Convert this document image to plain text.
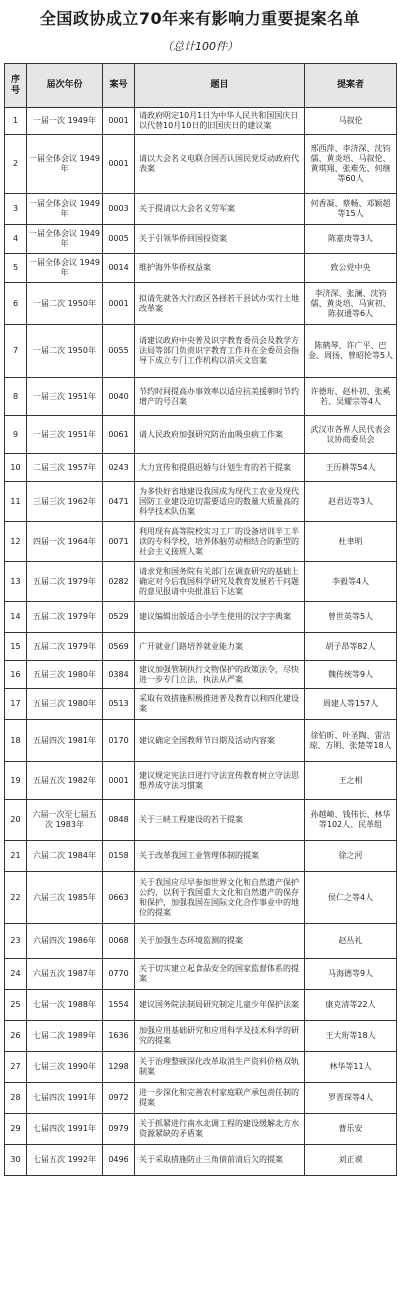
全国政协成立70年来有影响力重要提案名单
（总计100件）
序号	届次年份	案号	题目	提案者
1	一届一次 1949年	0001	请政府明定10月1日为中华人民共和国国庆日以代替10月10日的旧国庆日的建议案	马叙伦
2	一届全体会议 1949年	0001	请以大会名义电联合国否认国民党反动政府代表案	邢西萍、李济深、沈钧儒、黄炎培、马叙伦、黄琪翔、张难先、何继等60人
3	一届全体会议 1949年	0003	关于提请以大会名义劳军案	何香凝、蔡畅、邓颖超等15人
4	一届全体会议 1949年	0005	关于引领华侨回国投资案	陈嘉庚等3人
5	一届全体会议 1949年	0014	维护海外华侨权益案	致公党中央
6	一届二次 1950年	0001	拟请先就各大行政区各择若干县试办实行土地改革案	李济深、张澜、沈钧儒、黄炎培、马寅初、陈叔通等6人
7	一届二次 1950年	0055	请建议政府中央普及识字教育委员会及教学方法局等部门负责识字教育工作并在全委员会指导下成立专门工作机构以消灭文盲案	陈鹤琴、许广平、巴金、周扬、曾昭抡等5人
8	一届三次 1951年	0040	节约时间提高办事效率以适应抗美援朝时节约增产的号召案	许德珩、赵朴初、张奚若、吴耀宗等4人
9	一届三次 1951年	0061	请人民政府加强研究防治血吸虫病工作案	武汉市各界人民代表会议协商委员会
10	二届三次 1957年	0243	大力宣传和提倡迟婚与计划生育的若干提案	王历耕等54人
11	三届三次 1962年	0471	为多快好省地建设我国成为现代工农业及现代国防工业建设迫切需要适应的数量大质量高的科学技术队伍案	赵君迈等3人
12	四届一次 1964年	0071	利用现有高等院校实习工厂的设备培训半工半读的专科学校，培养体脑劳动相结合的新型的社会主义接班人案	杜聿明
13	五届二次 1979年	0282	请求党和国务院有关部门在调查研究的基础上确定对今后我国科学研究及教育发展若干问题的意见报请中央批准后下达案	李毅等4人
14	五届二次 1979年	0529	建议编辑出版适合小学生使用的汉字字典案	曾世英等5人
15	五届二次 1979年	0569	广开就业门路培养就业能力案	胡子昂等82人
16	五届三次 1980年	0384	建议加强管制执行文物保护的政策法令，尽快进一步专门立法，执法从严案	魏传统等9人
17	五届三次 1980年	0513	采取有效措施积极推进普及教育以利四化建设案	周建人等157人
18	五届四次 1981年	0170	建议确定全国教师节日期及活动内容案	徐伯昕、叶圣陶、雷洁琼、方明、张楚等18人
19	五届五次 1982年	0001	建议规定宪法日进行守法宣传教育树立守法思想养成守法习惯案	王之相
20	六届一次至七届五次 1983年	0848	关于三峡工程建设的若干提案	孙越崎、钱伟长、林华等102人、民革组
21	六届二次 1984年	0158	关于改革我国工业管理体制的提案	徐之河
22	六届三次 1985年	0663	关于我国应尽早参加世界文化和自然遗产保护公约，以利于我国重大文化和自然遗产的保存和保护，加强我国在国际文化合作事业中的地位的提案	侯仁之等4人
23	六届四次 1986年	0068	关于加强生态环境监测的提案	赵丛礼
24	六届五次 1987年	0770	关于切实建立起食品安全的国家监督体系的提案	马海德等9人
25	七届一次 1988年	1554	建议国务院法制局研究制定儿童少年保护法案	康克清等22人
26	七届二次 1989年	1636	加强应用基础研究和应用科学及技术科学的研究的提案	王大珩等18人
27	七届三次 1990年	1298	关于治理整顿深化改革取消生产资料价格双轨制案	林华等11人
28	七届四次 1991年	0972	进一步深化和完善农村家庭联产承包责任制的提案	罗晋琛等4人
29	七届四次 1991年	0979	关于抓紧进行南水北调工程的建设缓解北方水资源紧缺的矛盾案	曹乐安
30	七届五次 1992年	0496	关于采取措施防止三角债前清后欠的提案	刘正谟
